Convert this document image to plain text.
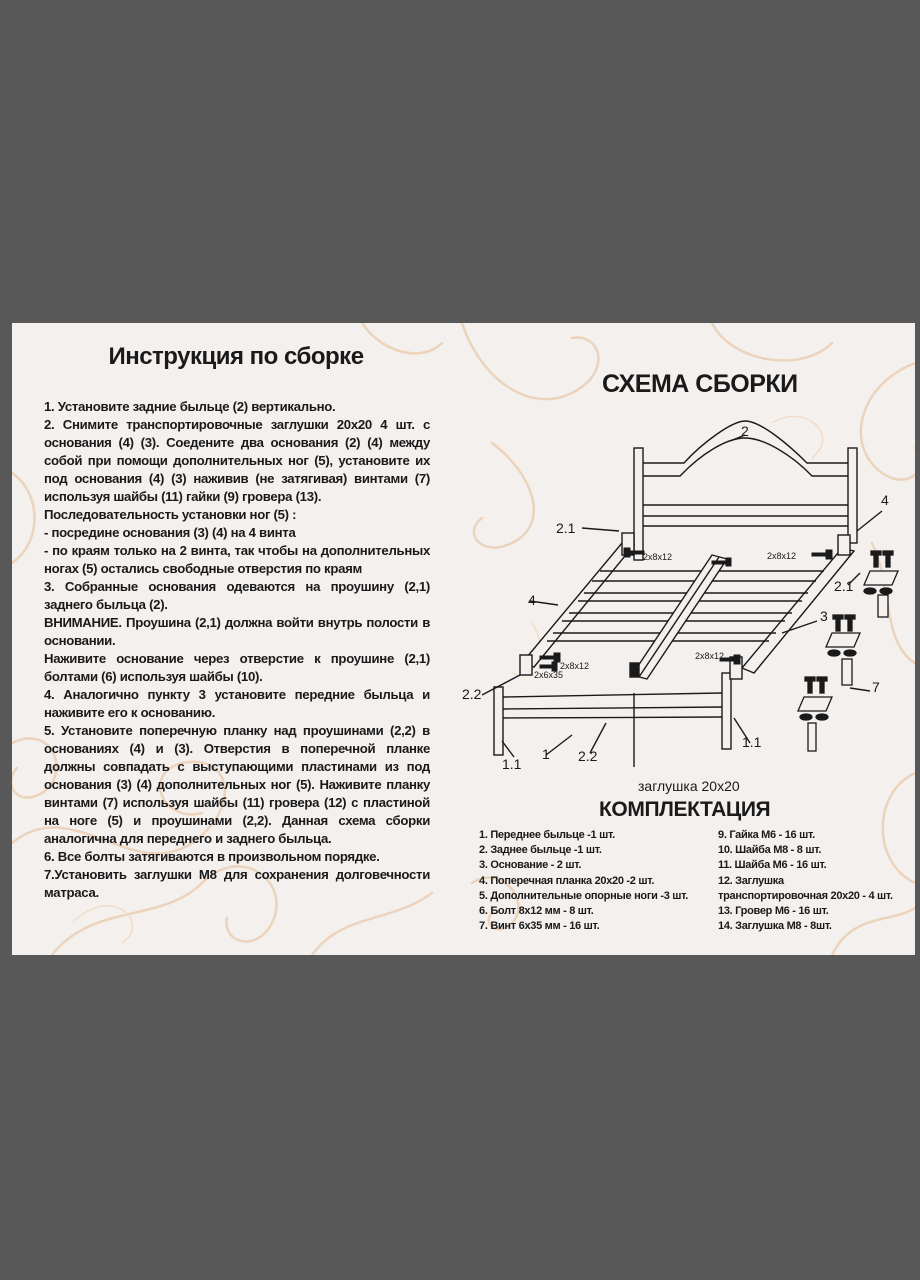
Инструкция по сборке
1. Установите задние быльце (2) вертикально.
2. Снимите транспортировочные заглушки 20х20 4 шт. с основания (4) (3). Соедените два основания (2) (4) между собой при помощи дополнительных ног (5), установите их под основания (4) (3) наживив (не затягивая) винтами (7) используя шайбы (11) гайки (9) гровера (13).
Последовательность установки ног (5) :
- посредине основания (3) (4) на 4 винта
- по краям только на 2 винта, так чтобы на дополнительных ногах (5) остались свободные отверстия по краям
3. Собранные основания одеваются на проушину (2,1) заднего быльца (2).
ВНИМАНИЕ. Проушина (2,1) должна войти внутрь полости в основании.
Наживите основание через отверстие к проушине (2,1) болтами (6) используя шайбы (10).
4. Аналогично пункту 3 установите передние быльца и наживите его к основанию.
5. Установите поперечную планку над проушинами (2,2) в основаниях (4) и (3). Отверстия в поперечной планке должны совпадать с выступающими пластинами из под основания (3) (4) дополнительных ног (5). Наживите планку винтами (7) используя шайбы (11) гровера (12) с пластиной на ноге (5) и проушинами (2,2). Данная схема сборки аналогична для переднего и заднего быльца.
6. Все болты затягиваются в произвольном порядке.
7.Установить заглушки М8 для сохранения долговечности матраса.
СХЕМА СБОРКИ
2
4
3
7
2.1
2.1
4
2.2
2.2
1.1
1.1
1
2х8х12	2х8х12
2х8х12
2х8х12
2х6х35
заглушка 20х20
КОМПЛЕКТАЦИЯ
1. Переднее быльце -1 шт.
2. Заднее быльце -1 шт.
3. Основание - 2 шт.
4. Поперечная планка 20х20 -2 шт.
5. Дополнительные опорные ноги -3 шт.
6. Болт 8х12 мм - 8 шт.
7. Винт 6х35 мм - 16 шт.
9. Гайка М6 - 16 шт.
10. Шайба М8 - 8 шт.
11. Шайба М6 - 16 шт.
12. Заглушка
транспортировочная 20х20 - 4 шт.
13. Гровер М6 - 16 шт.
14. Заглушка М8 - 8шт.
